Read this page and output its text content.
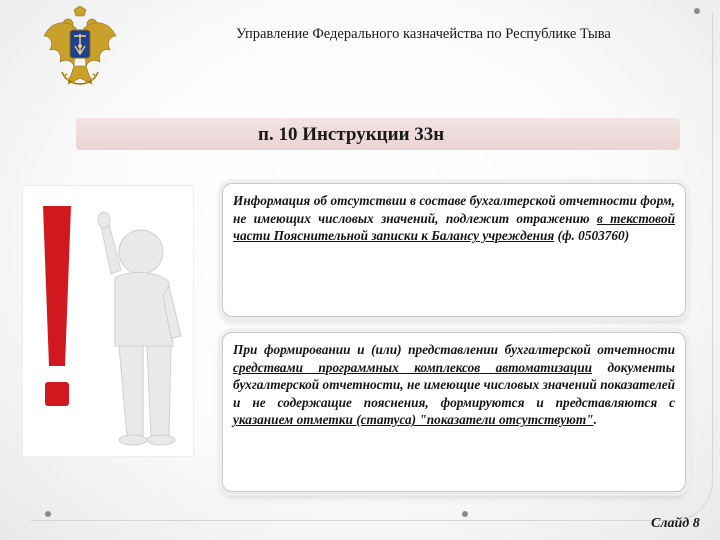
Управление Федерального казначейства по Республике Тыва
п. 10 Инструкции 33н

Информация об отсутствии в составе бухгалтерской отчетности форм, не имеющих числовых значений, подлежит отражению в текстовой части Пояснительной записки к Балансу учреждения (ф. 0503760)

При формировании и (или) представлении бухгалтерской отчетности средствами программных комплексов автоматизации документы бухгалтерской отчетности, не имеющие числовых значений показателей и не содержащие пояснения, формируются и представляются с указанием отметки (статуса) "показатели отсутствуют".

Слайд 8
